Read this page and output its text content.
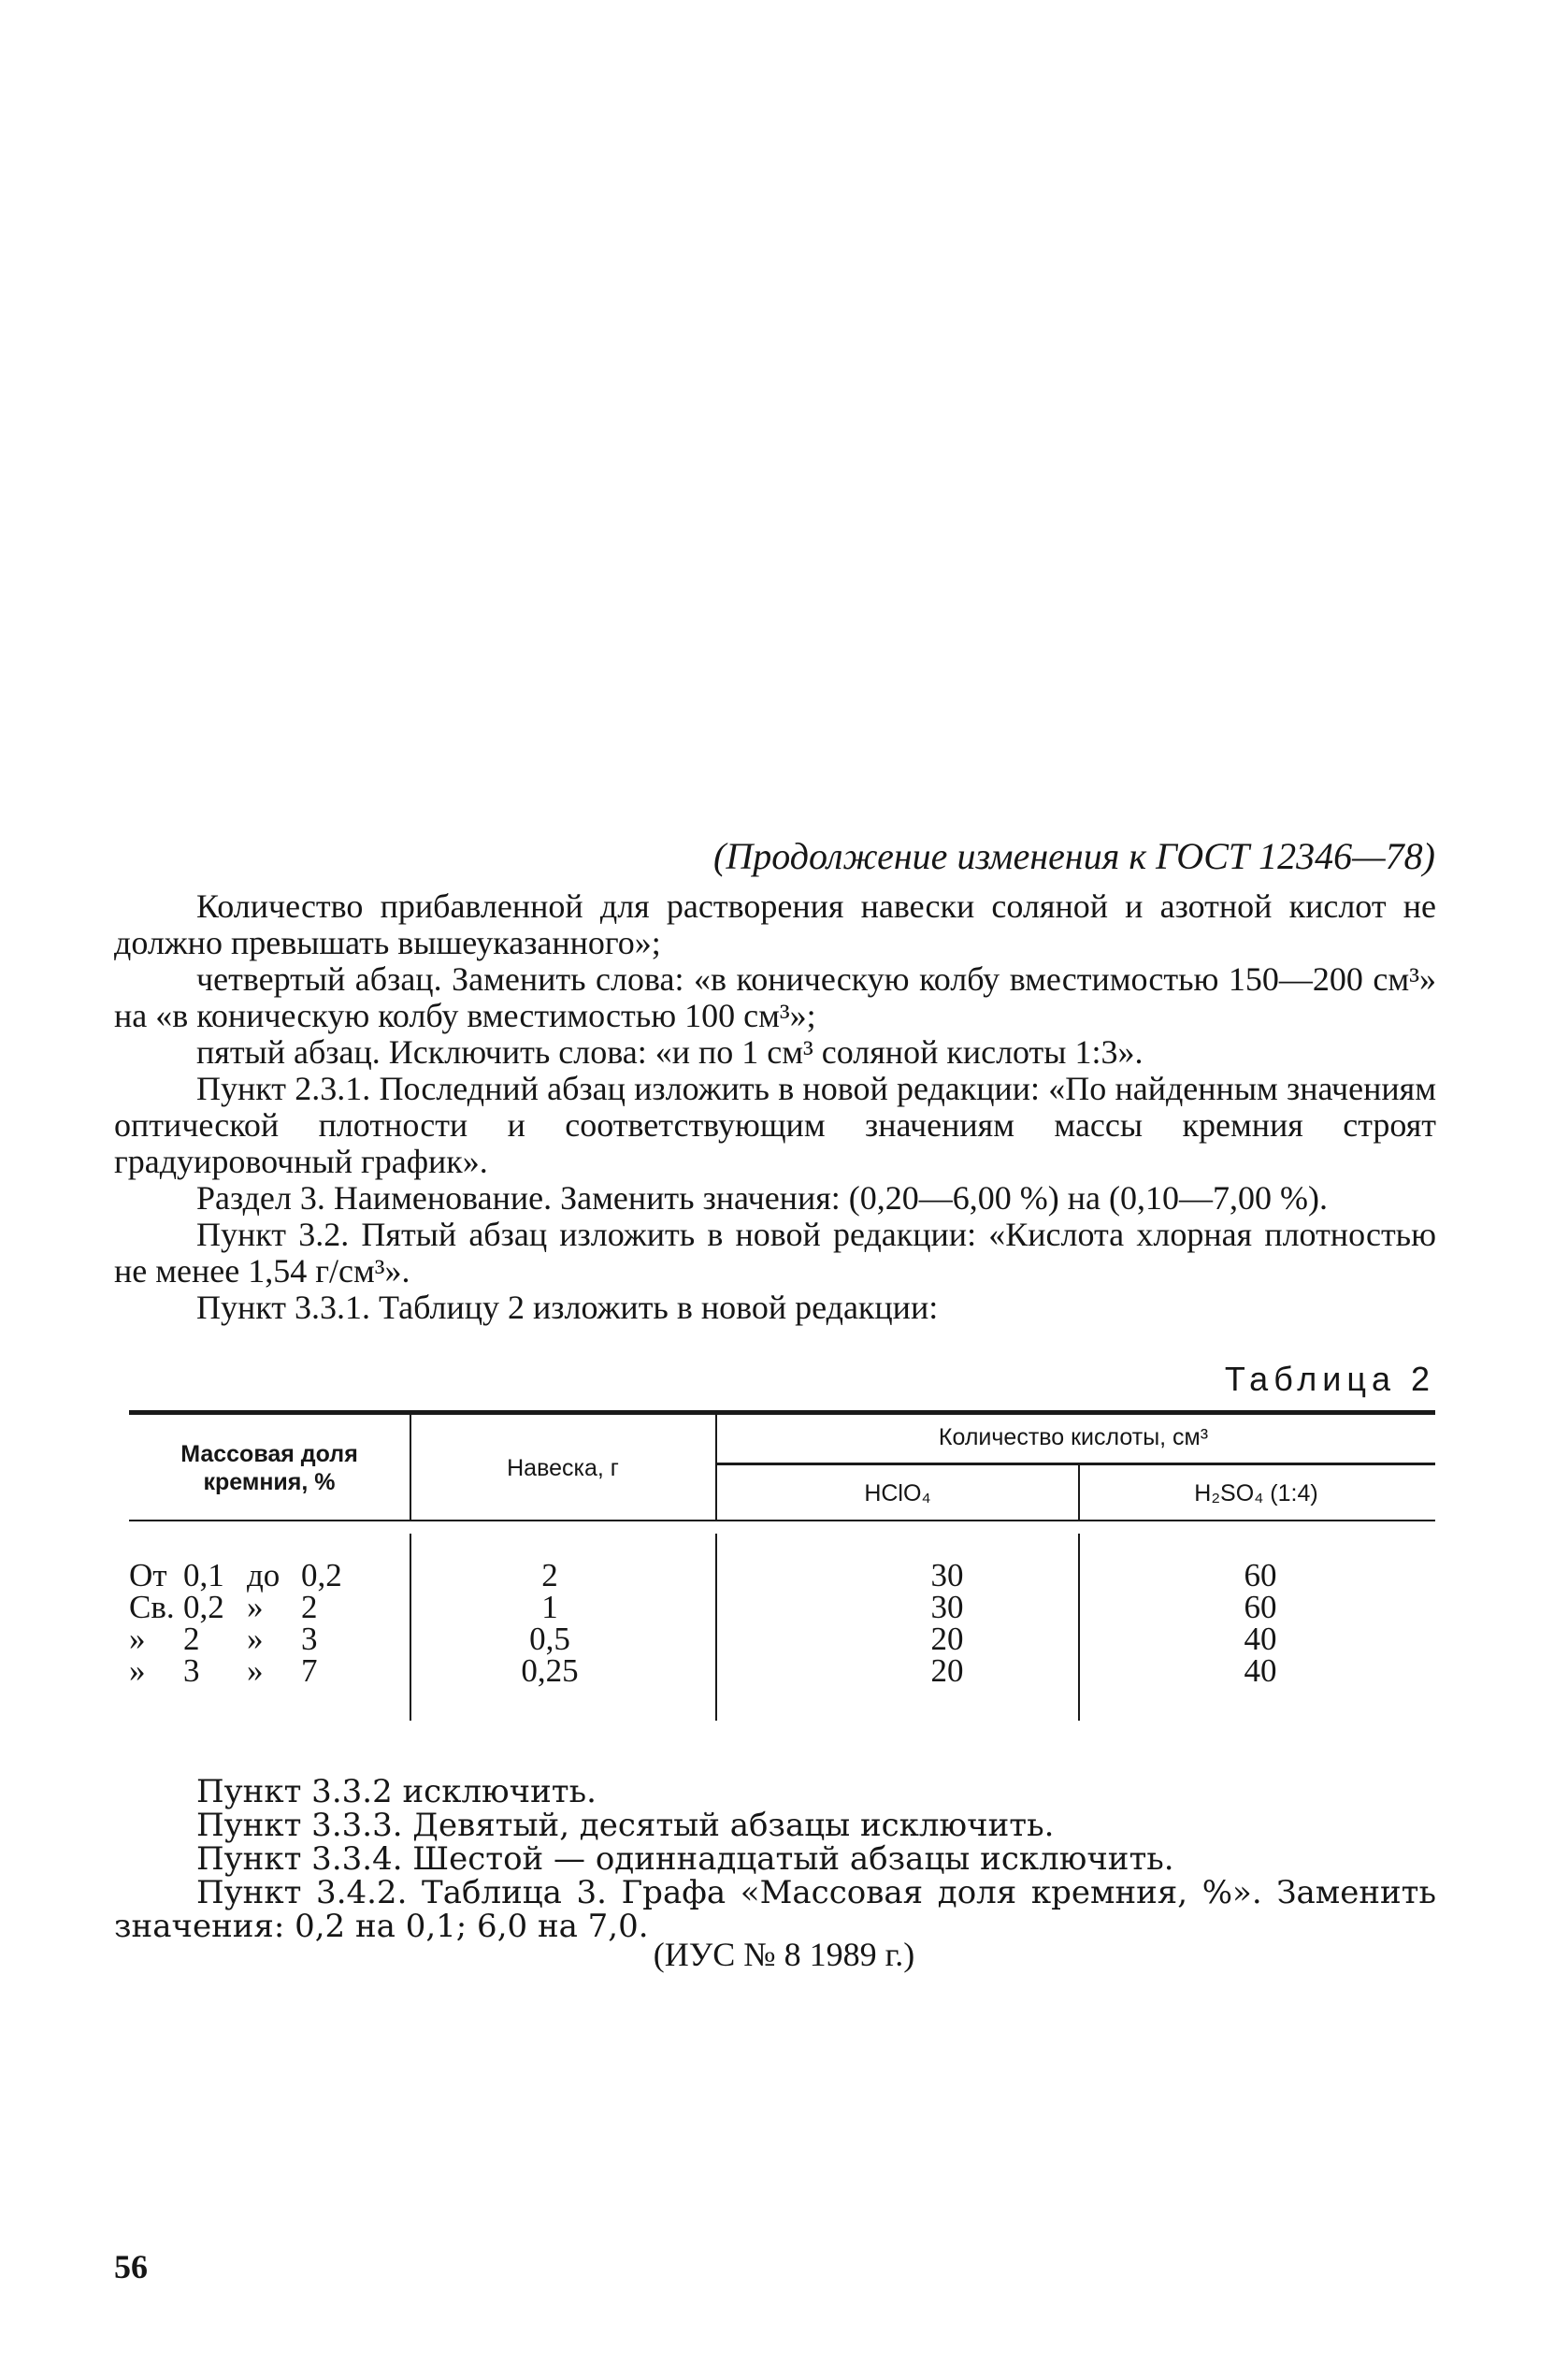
(Продолжение изменения к ГОСТ 12346—78)

Количество прибавленной для растворения навески соляной и азотной кислот не должно превышать вышеуказанного»;

четвертый абзац. Заменить слова: «в коническую колбу вместимостью 150—200 см³» на «в коническую колбу вместимостью 100 см³»;

пятый абзац. Исключить слова: «и по 1 см³ соляной кислоты 1:3».

Пункт 2.3.1. Последний абзац изложить в новой редакции: «По найденным значениям оптической плотности и соответствующим значениям массы кремния строят градуировочный график».

Раздел 3. Наименование. Заменить значения: (0,20—6,00 %) на (0,10—7,00 %).

Пункт 3.2. Пятый абзац изложить в новой редакции: «Кислота хлорная плотностью не менее 1,54 г/см³».

Пункт 3.3.1. Таблицу 2 изложить в новой редакции:

Таблица 2
Массовая доля кремния, %
Навеска, г
Количество кислоты, см³
HClO₄	H₂SO₄ (1:4)
От 0,1 до 0,2	2	30	60
Св. 0,2 » 2	1	30	60
» 2 » 3	0,5	20	40
» 3 » 7	0,25	20	40

Пункт 3.3.2 исключить.

Пункт 3.3.3. Девятый, десятый абзацы исключить.

Пункт 3.3.4. Шестой — одиннадцатый абзацы исключить.

Пункт 3.4.2. Таблица 3. Графа «Массовая доля кремния, %». Заменить значения: 0,2 на 0,1; 6,0 на 7,0.

(ИУС № 8 1989 г.)
56
